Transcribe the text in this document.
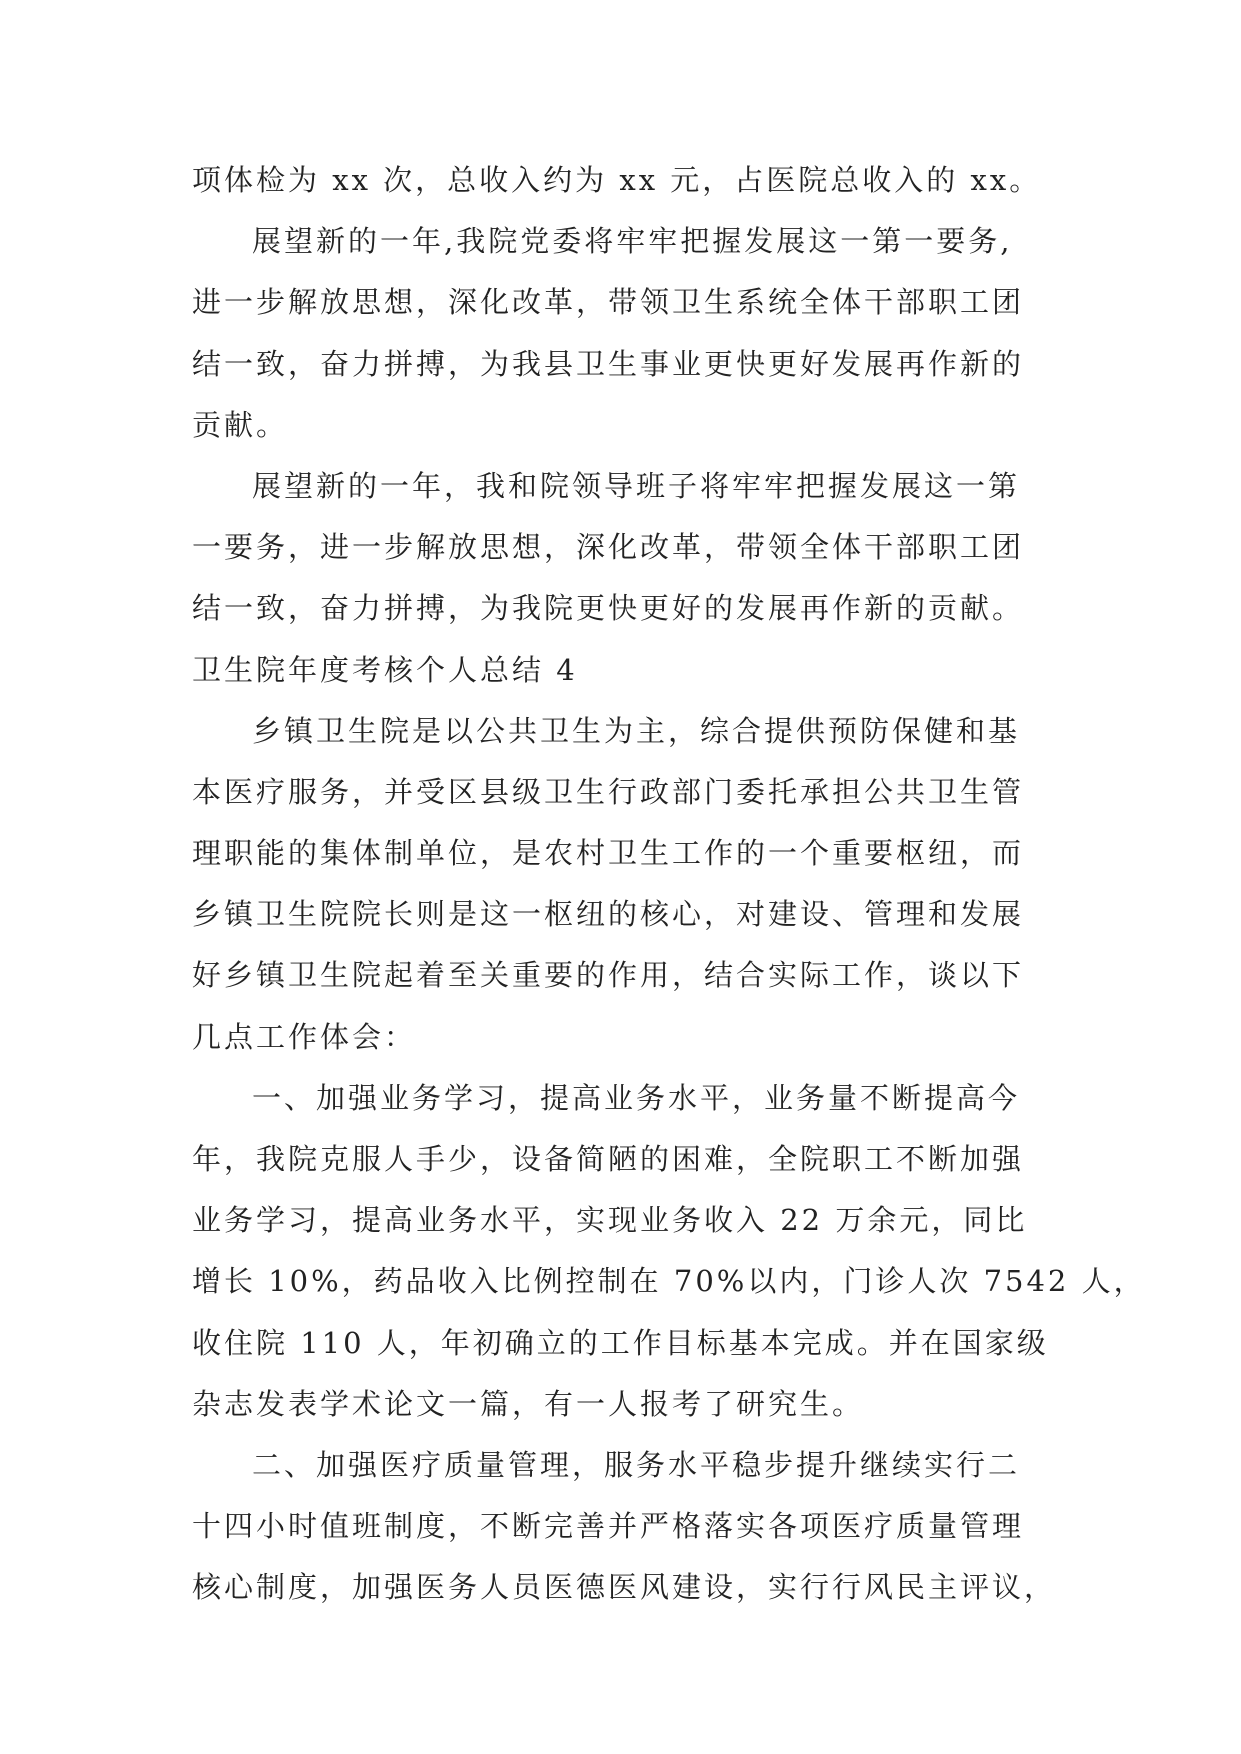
项体检为 xx 次，总收入约为 xx 元，占医院总收入的 xx。
展望新的一年,我院党委将牢牢把握发展这一第一要务,
进一步解放思想，深化改革，带领卫生系统全体干部职工团
结一致，奋力拼搏，为我县卫生事业更快更好发展再作新的
贡献。
展望新的一年，我和院领导班子将牢牢把握发展这一第
一要务，进一步解放思想，深化改革，带领全体干部职工团
结一致，奋力拼搏，为我院更快更好的发展再作新的贡献。
卫生院年度考核个人总结 4
乡镇卫生院是以公共卫生为主，综合提供预防保健和基
本医疗服务，并受区县级卫生行政部门委托承担公共卫生管
理职能的集体制单位，是农村卫生工作的一个重要枢纽，而
乡镇卫生院院长则是这一枢纽的核心，对建设、管理和发展
好乡镇卫生院起着至关重要的作用，结合实际工作，谈以下
几点工作体会：
一、加强业务学习，提高业务水平，业务量不断提高今
年，我院克服人手少，设备简陋的困难，全院职工不断加强
业务学习，提高业务水平，实现业务收入 22 万余元，同比
增长 10%，药品收入比例控制在 70%以内，门诊人次 7542 人，
收住院 110 人，年初确立的工作目标基本完成。并在国家级
杂志发表学术论文一篇，有一人报考了研究生。
二、加强医疗质量管理，服务水平稳步提升继续实行二
十四小时值班制度，不断完善并严格落实各项医疗质量管理
核心制度，加强医务人员医德医风建设，实行行风民主评议，
